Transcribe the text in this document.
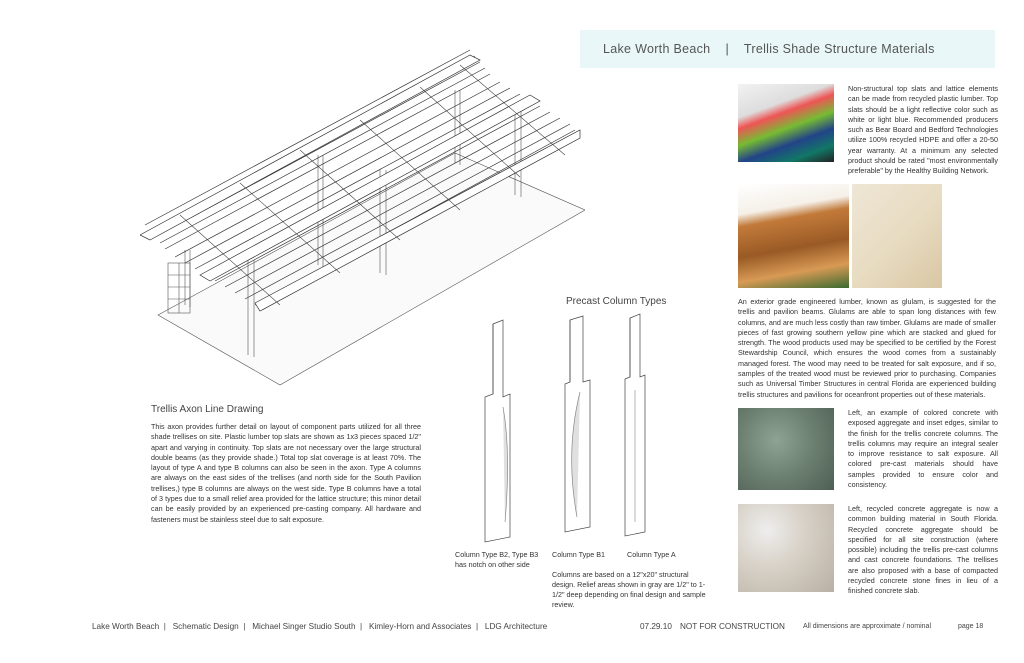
Lake Worth Beach    |    Trellis Shade Structure Materials
Trellis Axon Line Drawing
This axon provides further detail on layout of component parts utilized for all three shade trellises on site. Plastic lumber top slats are shown as 1x3 pieces spaced 1/2" apart and varying in continuity. Top slats are not necessary over the large structural double beams (as they provide shade.) Total top slat coverage is at least 70%. The layout of type A and type B columns can also be seen in the axon. Type A columns are always on the east sides of the trellises (and north side for the South Pavilion trellises,) type B columns are always on the west side. Type B columns have a total of 3 types due to a small relief area provided for the lattice structure; this minor detail can be easily provided by an experienced pre-casting company. All hardware and fasteners must be stainless steel due to salt exposure.
Precast Column Types
Column Type B2, Type B3
has notch on other side
Column Type B1	Column Type A
Columns are based on a 12"x20" structural design. Relief areas shown in gray are 1/2" to 1-1/2" deep depending on final design and sample review.
Non-structural top slats and lattice elements can be made from recycled plastic lumber. Top slats should be a light reflective color such as white or light blue. Recommended producers such as Bear Board and Bedford Technologies utilize 100% recycled HDPE and offer a 20-50 year warranty. At a minimum any selected product should be rated "most environmentally preferable" by the Healthy Building Network.
An exterior grade engineered lumber, known as glulam, is suggested for the trellis and pavilion beams. Glulams are able to span long distances with few columns, and are much less costly than raw timber. Glulams are made of smaller pieces of fast growing southern yellow pine which are stacked and glued for strength. The wood products used may be specified to be certified by the Forest Stewardship Council, which ensures the wood comes from a sustainably managed forest. The wood may need to be treated for salt exposure, and if so, samples of the treated wood must be reviewed prior to purchasing. Companies such as Universal Timber Structures in central Florida are experienced building trellis structures and pavilions for oceanfront properties out of these materials.
Left, an example of colored concrete with exposed aggregate and inset edges, similar to the finish for the trellis concrete columns. The trellis columns may require an integral sealer to improve resistance to salt exposure. All colored pre-cast materials should have samples provided to ensure color and consistency.
Left, recycled concrete aggregate is now a common building material in South Florida. Recycled concrete aggregate should be specified for all site construction (where possible) including the trellis pre-cast columns and cast concrete foundations. The trellises are also proposed with a base of compacted recycled concrete stone fines in lieu of a finished concrete slab.
Lake Worth Beach  |   Schematic Design  |   Michael Singer Studio South  |   Kimley-Horn and Associates  |   LDG Architecture	07.29.10 NOT FOR CONSTRUCTION	All dimensions are approximate / nominal	page 18
